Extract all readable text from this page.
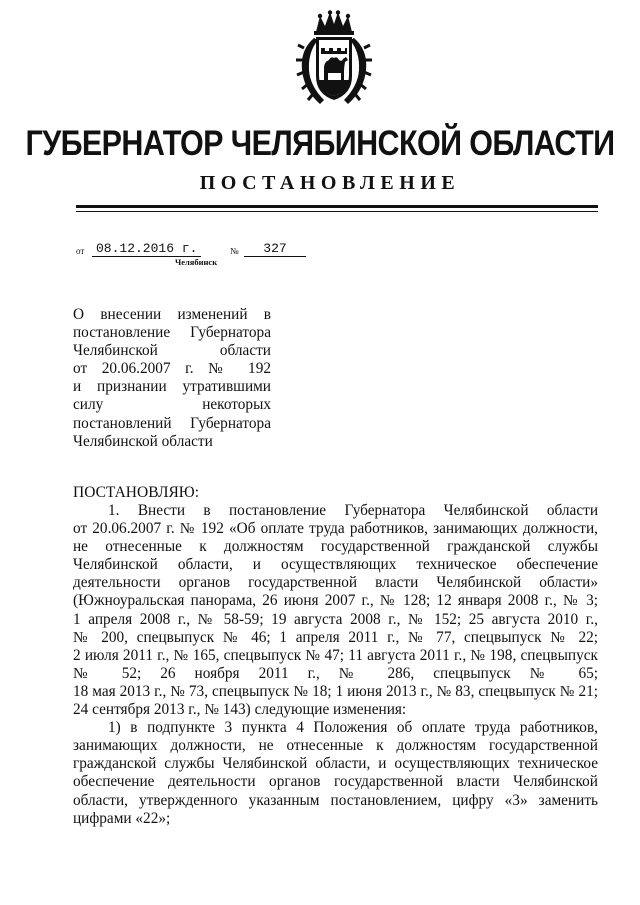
ГУБЕРНАТОР ЧЕЛЯБИНСКОЙ ОБЛАСТИ
ПОСТАНОВЛЕНИЕ
от 08.12.2016 г.	№	327
Челябинск
О внесении изменений в
постановление Губернатора
Челябинской области
от 20.06.2007 г. № 192
и признании утратившими
силу некоторых
постановлений Губернатора
Челябинской области
ПОСТАНОВЛЯЮ:
1. Внести в постановление Губернатора Челябинской области
от 20.06.2007 г. № 192 «Об оплате труда работников, занимающих должности,
не отнесенные к должностям государственной гражданской службы
Челябинской области, и осуществляющих техническое обеспечение
деятельности органов государственной власти Челябинской области»
(Южноуральская панорама, 26 июня 2007 г., № 128; 12 января 2008 г., № 3;
1 апреля 2008 г., № 58-59; 19 августа 2008 г., № 152; 25 августа 2010 г.,
№ 200, спецвыпуск № 46; 1 апреля 2011 г., № 77, спецвыпуск № 22;
2 июля 2011 г., № 165, спецвыпуск № 47; 11 августа 2011 г., № 198, спецвыпуск
№ 52; 26 ноября 2011 г., № 286, спецвыпуск № 65;
18 мая 2013 г., № 73, спецвыпуск № 18; 1 июня 2013 г., № 83, спецвыпуск № 21;
24 сентября 2013 г., № 143) следующие изменения:
1) в подпункте 3 пункта 4 Положения об оплате труда работников,
занимающих должности, не отнесенные к должностям государственной
гражданской службы Челябинской области, и осуществляющих техническое
обеспечение деятельности органов государственной власти Челябинской
области, утвержденного указанным постановлением, цифру «3» заменить
цифрами «22»;
